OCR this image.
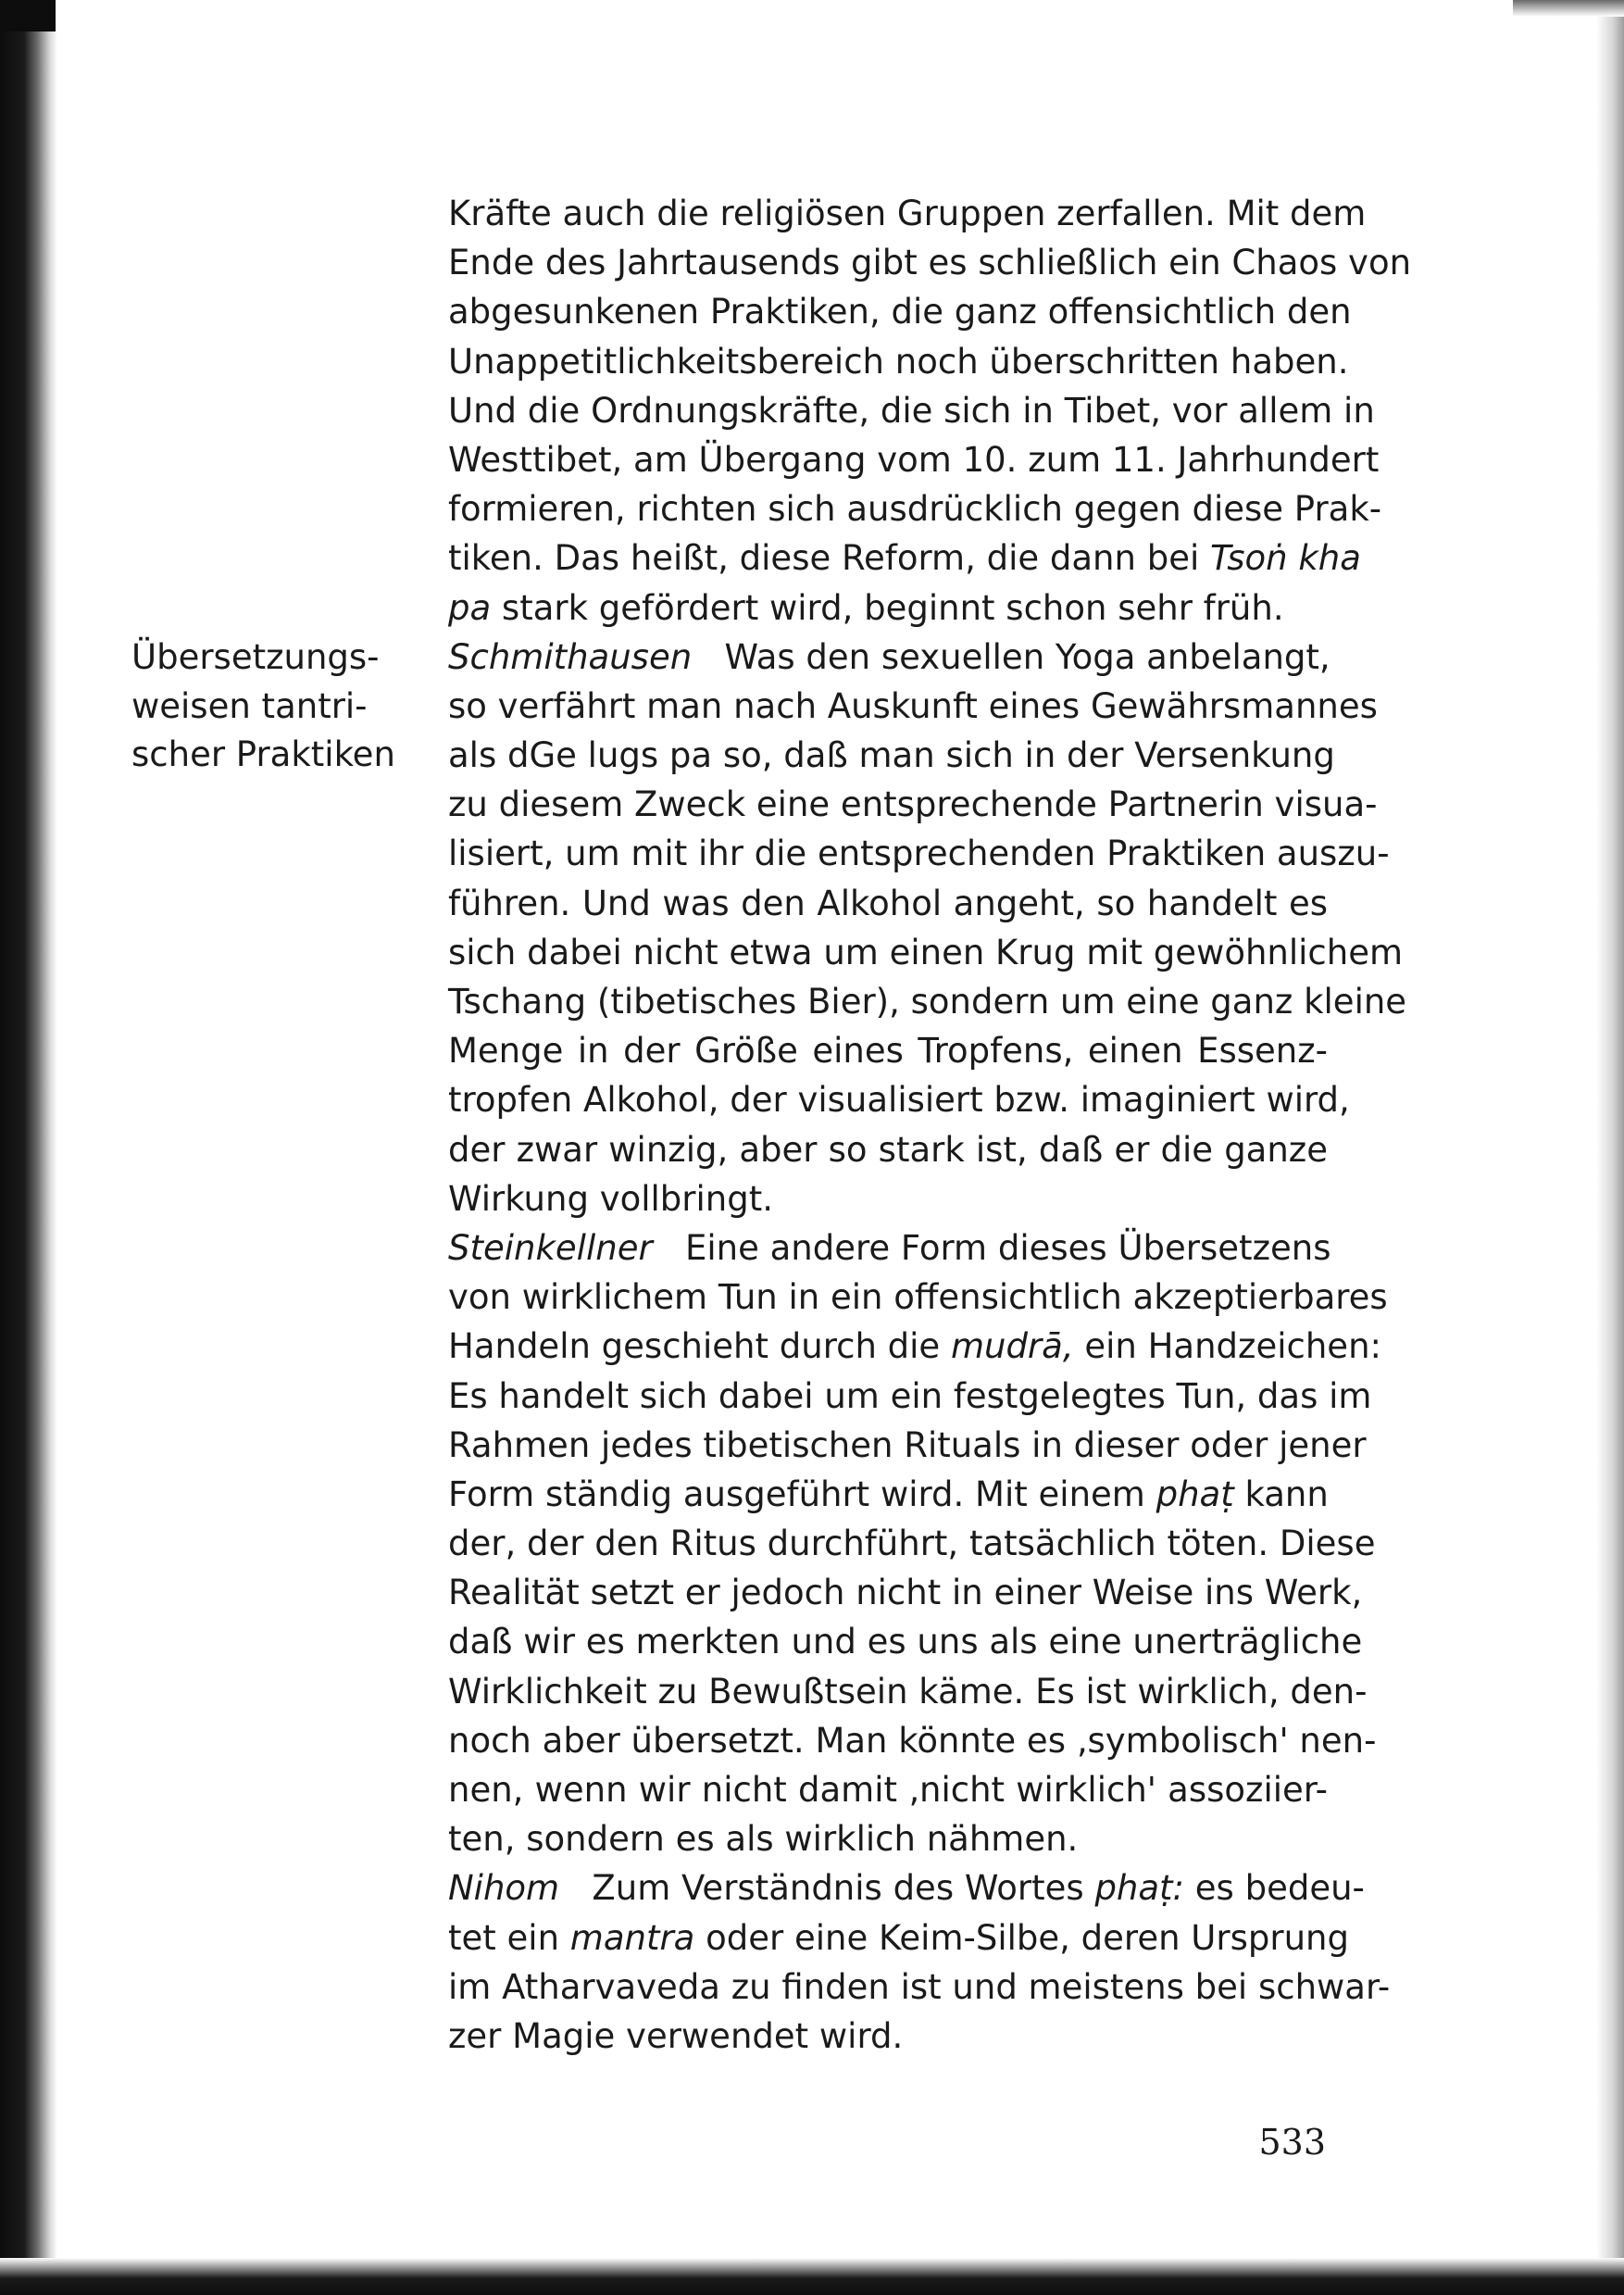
Übersetzungs-
weisen tantri-
scher Praktiken
Kräfte auch die religiösen Gruppen zerfallen. Mit dem
Ende des Jahrtausends gibt es schließlich ein Chaos von
abgesunkenen Praktiken, die ganz offensichtlich den
Unappetitlichkeitsbereich noch überschritten haben.
Und die Ordnungskräfte, die sich in Tibet, vor allem in
Westtibet, am Übergang vom 10. zum 11. Jahrhundert
formieren, richten sich ausdrücklich gegen diese Prak-
tiken. Das heißt, diese Reform, die dann bei Tsoṅ kha
pa stark gefördert wird, beginnt schon sehr früh.
Schmithausen Was den sexuellen Yoga anbelangt,
so verfährt man nach Auskunft eines Gewährsmannes
als dGe lugs pa so, daß man sich in der Versenkung
zu diesem Zweck eine entsprechende Partnerin visua-
lisiert, um mit ihr die entsprechenden Praktiken auszu-
führen. Und was den Alkohol angeht, so handelt es
sich dabei nicht etwa um einen Krug mit gewöhnlichem
Tschang (tibetisches Bier), sondern um eine ganz kleine
Menge in der Größe eines Tropfens, einen Essenz-
tropfen Alkohol, der visualisiert bzw. imaginiert wird,
der zwar winzig, aber so stark ist, daß er die ganze
Wirkung vollbringt.
Steinkellner Eine andere Form dieses Übersetzens
von wirklichem Tun in ein offensichtlich akzeptierbares
Handeln geschieht durch die mudrā, ein Handzeichen:
Es handelt sich dabei um ein festgelegtes Tun, das im
Rahmen jedes tibetischen Rituals in dieser oder jener
Form ständig ausgeführt wird. Mit einem phaṭ kann
der, der den Ritus durchführt, tatsächlich töten. Diese
Realität setzt er jedoch nicht in einer Weise ins Werk,
daß wir es merkten und es uns als eine unerträgliche
Wirklichkeit zu Bewußtsein käme. Es ist wirklich, den-
noch aber übersetzt. Man könnte es ‚symbolisch' nen-
nen, wenn wir nicht damit ‚nicht wirklich' assoziier-
ten, sondern es als wirklich nähmen.
Nihom Zum Verständnis des Wortes phaṭ: es bedeu-
tet ein mantra oder eine Keim-Silbe, deren Ursprung
im Atharvaveda zu finden ist und meistens bei schwar-
zer Magie verwendet wird.
533
